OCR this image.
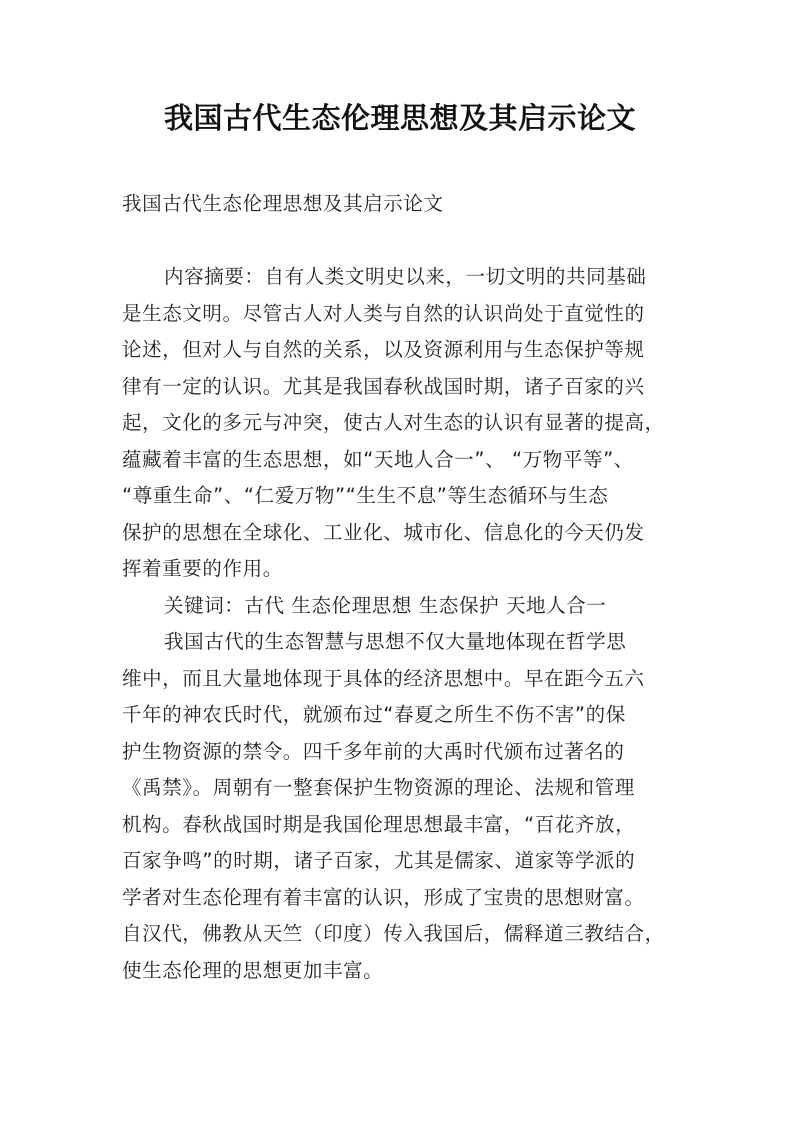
我国古代生态伦理思想及其启示论文
我国古代生态伦理思想及其启示论文
内容摘要：自有人类文明史以来，一切文明的共同基础
是生态文明。尽管古人对人类与自然的认识尚处于直觉性的
论述，但对人与自然的关系，以及资源利用与生态保护等规
律有一定的认识。尤其是我国春秋战国时期，诸子百家的兴
起，文化的多元与冲突，使古人对生态的认识有显著的提高，
蕴藏着丰富的生态思想，如“天地人合一”、 “万物平等”、
“尊重生命”、“仁爱万物”“生生不息”等生态循环与生态
保护的思想在全球化、工业化、城市化、信息化的今天仍发
挥着重要的作用。
关键词：古代 生态伦理思想 生态保护 天地人合一
我国古代的生态智慧与思想不仅大量地体现在哲学思
维中，而且大量地体现于具体的经济思想中。早在距今五六
千年的神农氏时代，就颁布过“春夏之所生不伤不害”的保
护生物资源的禁令。四千多年前的大禹时代颁布过著名的
《禹禁》。周朝有一整套保护生物资源的理论、法规和管理
机构。春秋战国时期是我国伦理思想最丰富，“百花齐放，
百家争鸣”的时期，诸子百家，尤其是儒家、道家等学派的
学者对生态伦理有着丰富的认识，形成了宝贵的思想财富。
自汉代，佛教从天竺（印度）传入我国后，儒释道三教结合，
使生态伦理的思想更加丰富。
